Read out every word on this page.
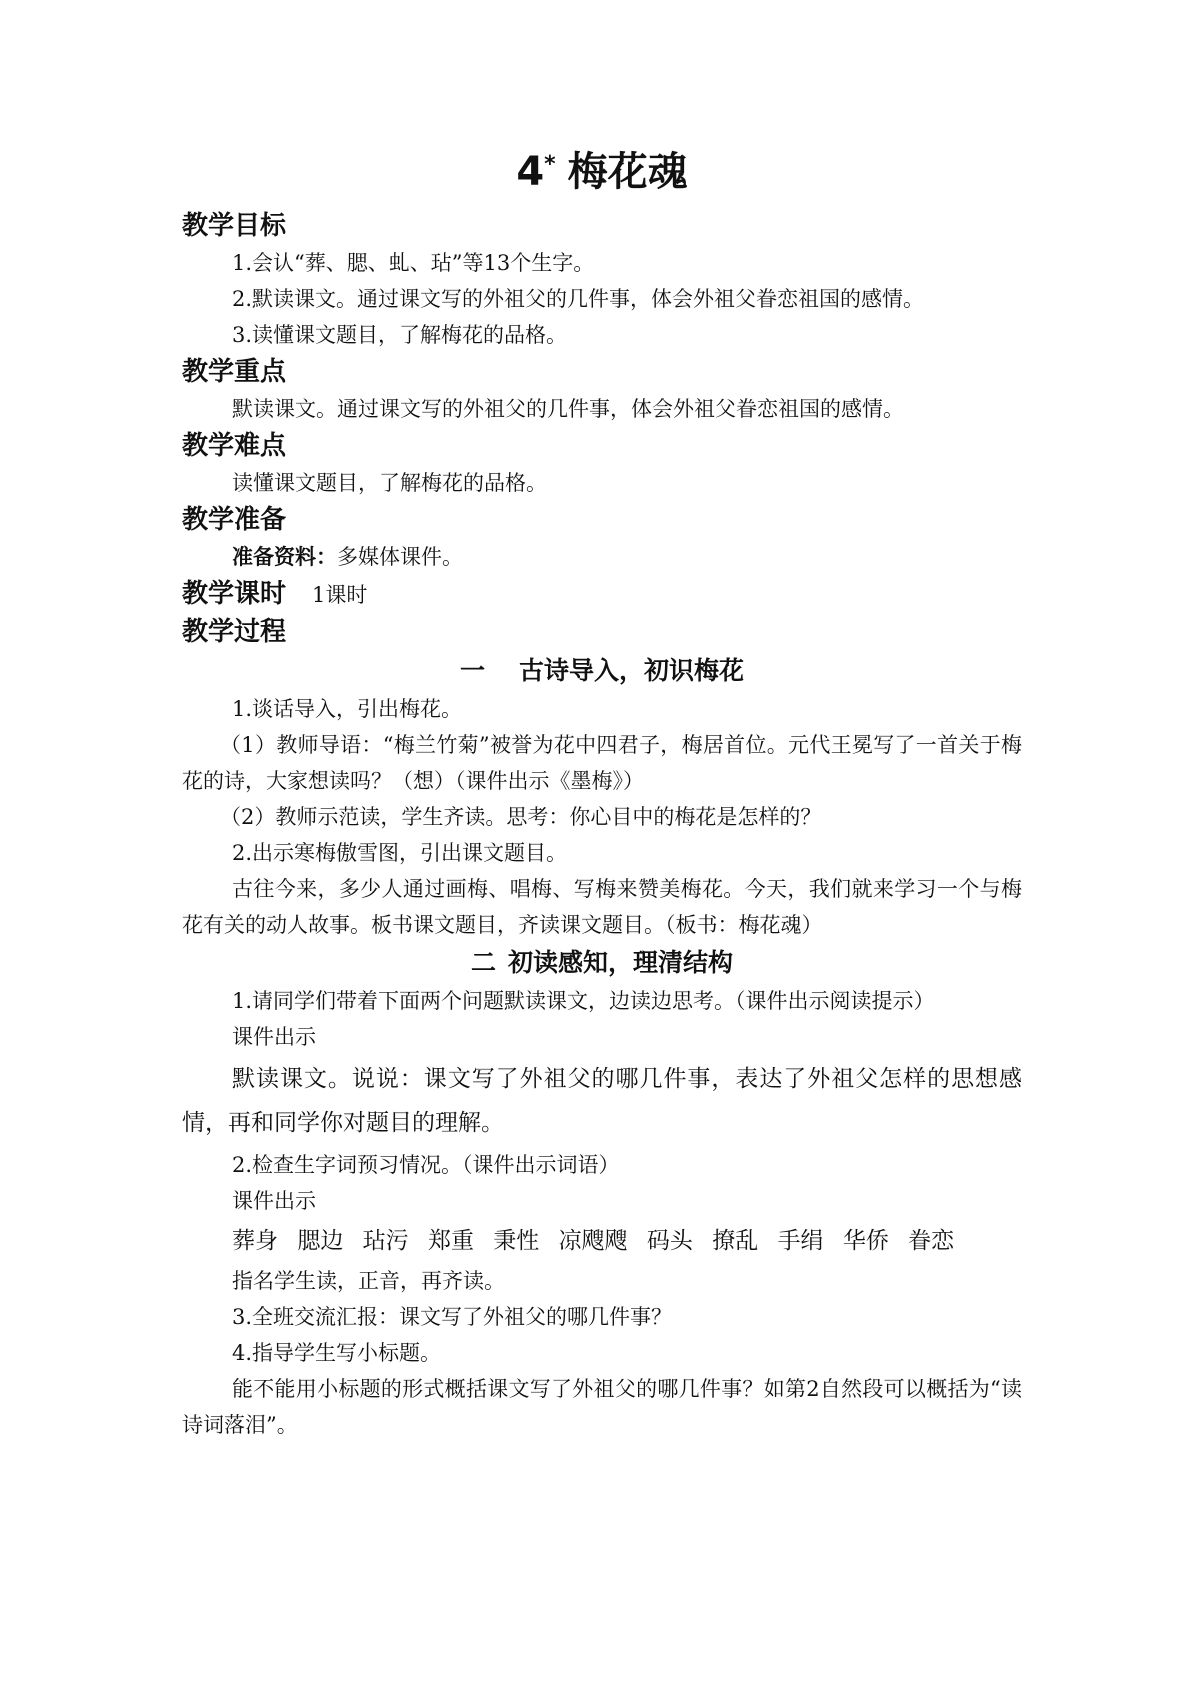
4* 梅花魂
教学目标

1.会认“葬、腮、虬、玷”等13个生字。

2.默读课文。通过课文写的外祖父的几件事，体会外祖父眷恋祖国的感情。

3.读懂课文题目，了解梅花的品格。

教学重点

默读课文。通过课文写的外祖父的几件事，体会外祖父眷恋祖国的感情。

教学难点

读懂课文题目，了解梅花的品格。

教学准备

准备资料：多媒体课件。

教学课时 1课时
教学过程
一 古诗导入，初识梅花

1.谈话导入，引出梅花。

（1）教师导语：“梅兰竹菊”被誉为花中四君子，梅居首位。元代王冕写了一首关于梅花的诗，大家想读吗？（想）（课件出示《墨梅》）

（2）教师示范读，学生齐读。思考：你心目中的梅花是怎样的？

2.出示寒梅傲雪图，引出课文题目。

古往今来，多少人通过画梅、唱梅、写梅来赞美梅花。今天，我们就来学习一个与梅花有关的动人故事。板书课文题目，齐读课文题目。（板书：梅花魂）

二 初读感知，理清结构

1.请同学们带着下面两个问题默读课文，边读边思考。（课件出示阅读提示）

课件出示

默读课文。说说：课文写了外祖父的哪几件事，表达了外祖父怎样的思想感情，再和同学你对题目的理解。

2.检查生字词预习情况。（课件出示词语）

课件出示

葬身 腮边 玷污 郑重 秉性 凉飕飕 码头 撩乱 手绢 华侨 眷恋

指名学生读，正音，再齐读。

3.全班交流汇报：课文写了外祖父的哪几件事？

4.指导学生写小标题。

能不能用小标题的形式概括课文写了外祖父的哪几件事？如第2自然段可以概括为“读诗词落泪”。
